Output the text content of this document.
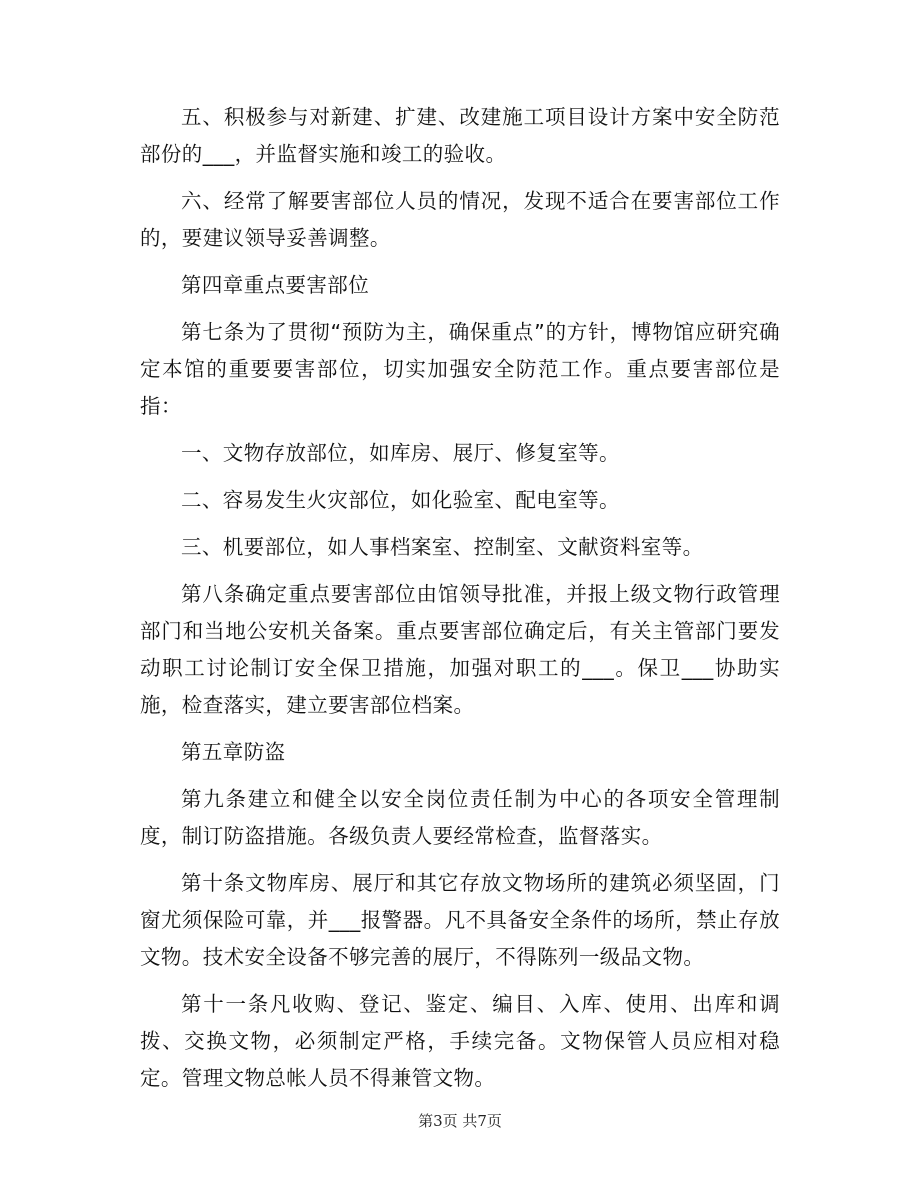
五、积极参与对新建、扩建、改建施工项目设计方案中安全防范部份的___，并监督实施和竣工的验收。

六、经常了解要害部位人员的情况，发现不适合在要害部位工作的，要建议领导妥善调整。

第四章重点要害部位

第七条为了贯彻“预防为主，确保重点”的方针，博物馆应研究确定本馆的重要要害部位，切实加强安全防范工作。重点要害部位是指：

一、文物存放部位，如库房、展厅、修复室等。

二、容易发生火灾部位，如化验室、配电室等。

三、机要部位，如人事档案室、控制室、文献资料室等。

第八条确定重点要害部位由馆领导批准，并报上级文物行政管理部门和当地公安机关备案。重点要害部位确定后，有关主管部门要发动职工讨论制订安全保卫措施，加强对职工的___。保卫___协助实施，检查落实，建立要害部位档案。

第五章防盗

第九条建立和健全以安全岗位责任制为中心的各项安全管理制度，制订防盗措施。各级负责人要经常检查，监督落实。

第十条文物库房、展厅和其它存放文物场所的建筑必须坚固，门窗尤须保险可靠，并___报警器。凡不具备安全条件的场所，禁止存放文物。技术安全设备不够完善的展厅，不得陈列一级品文物。

第十一条凡收购、登记、鉴定、编目、入库、使用、出库和调拨、交换文物，必须制定严格，手续完备。文物保管人员应相对稳定。管理文物总帐人员不得兼管文物。

第3页 共7页
